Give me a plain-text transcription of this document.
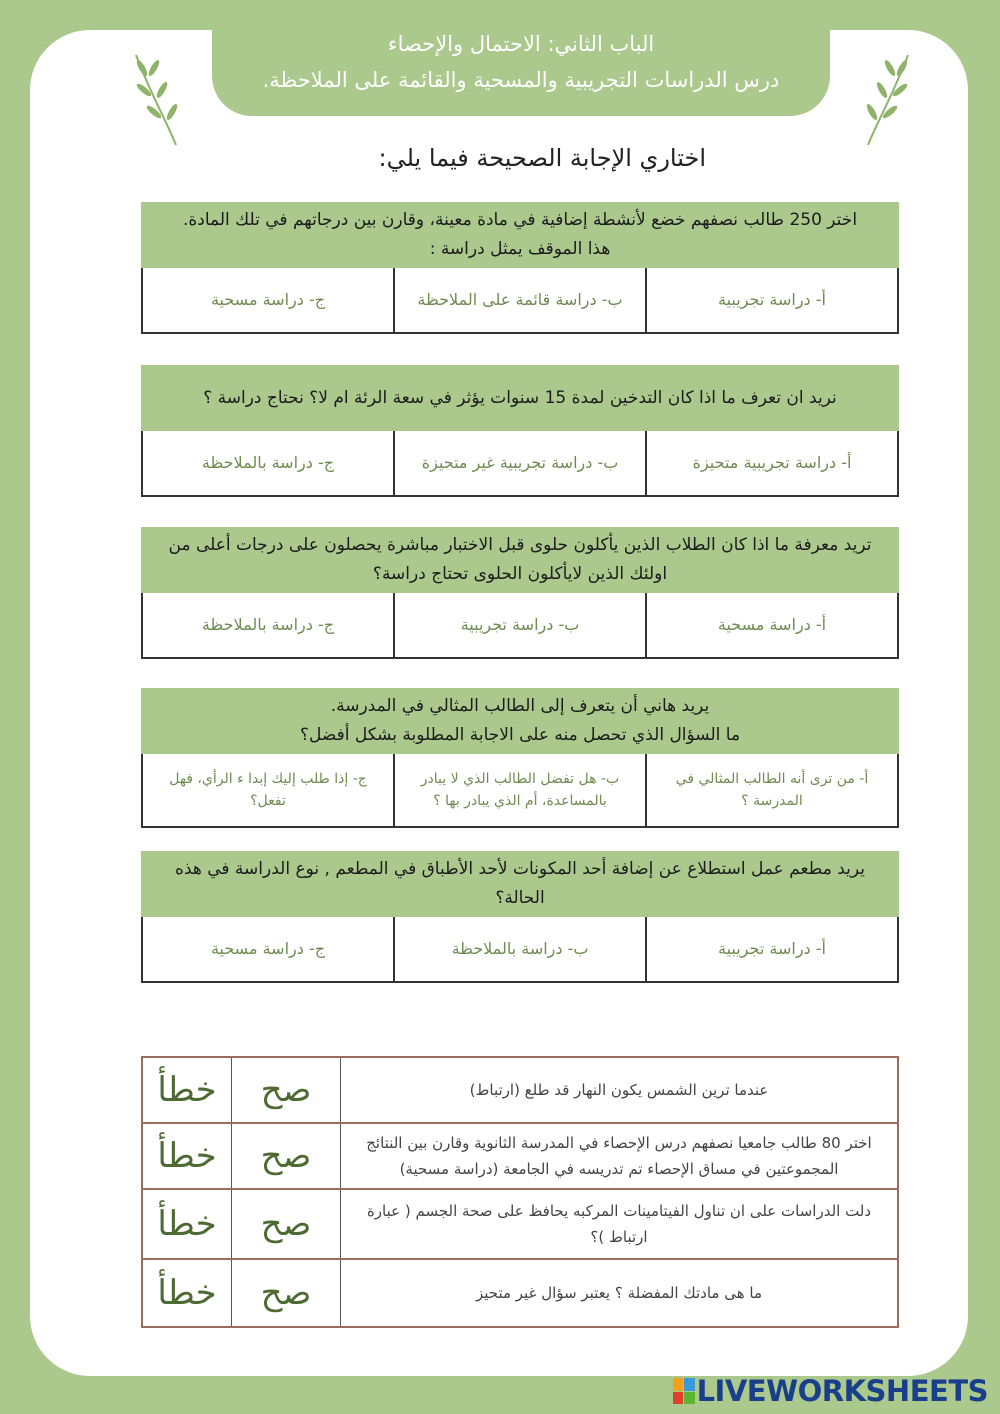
الباب الثاني: الاحتمال والإحصاء
درس الدراسات التجريبية والمسحية والقائمة على الملاحظة.
اختاري الإجابة الصحيحة فيما يلي:
اختر 250 طالب نصفهم خضع لأنشطة إضافية في مادة معينة، وقارن بين درجاتهم في تلك المادة.
هذا الموقف يمثل دراسة :
أ- دراسة تجريبية
ب- دراسة قائمة على الملاحظة
ج- دراسة مسحية
نريد ان تعرف ما اذا كان التدخين لمدة 15 سنوات يؤثر في سعة الرئة ام لا؟ نحتاج دراسة ؟
أ- دراسة تجريبية متحيزة
ب- دراسة تجريبية غير متحيزة
ج- دراسة بالملاحظة
تريد معرفة ما اذا كان الطلاب الذين يأكلون حلوى قبل الاختبار مباشرة يحصلون على درجات أعلى من
اولئك الذين لايأكلون الحلوى تحتاج دراسة؟
أ- دراسة مسحية
ب- دراسة تجريبية
ج- دراسة بالملاحظة
يريد هاني أن يتعرف إلى الطالب المثالي في المدرسة.
ما السؤال الذي تحصل منه على الاجابة المطلوبة بشكل أفضل؟
أ- من ترى أنه الطالب المثالي في المدرسة ؟
ب- هل تفضل الطالب الذي لا يبادر بالمساعدة، أم الذي يبادر بها ؟
ج- إذا طلب إليك إبدا ء الرأي، فهل تفعل؟
يريد مطعم عمل استطلاع عن إضافة أحد المكونات لأحد الأطباق في المطعم , نوع الدراسة في هذه الحالة؟
أ- دراسة تجريبية
ب- دراسة بالملاحظة
ج- دراسة مسحية
خطأ	صح	عندما ترين الشمس يكون النهار قد طلع (ارتباط)
خطأ	صح	اختر 80 طالب جامعيا نصفهم درس الإحصاء في المدرسة الثانوية وقارن بين النتائج المجموعتين في مساق الإحصاء تم تدريسه في الجامعة (دراسة مسحية)
خطأ	صح	دلت الدراسات على ان تناول الفيتامينات المركبه يحافظ على صحة الجسم ( عبارة ارتباط )؟
خطأ	صح	ما هى مادتك المفضلة ؟ يعتبر سؤال غير متحيز
LIVEWORKSHEETS
